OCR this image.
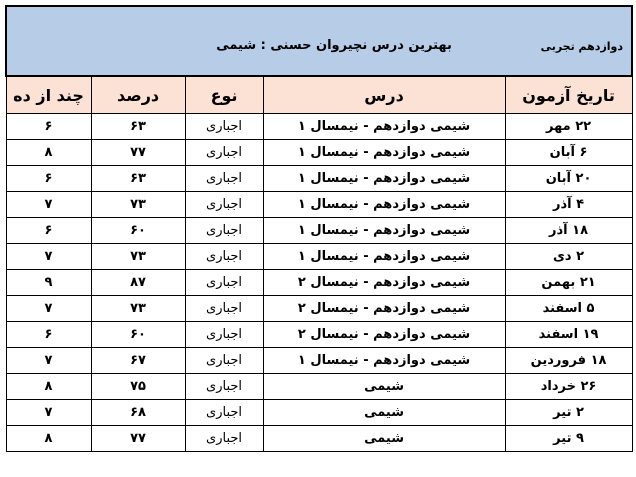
دوازدهم تجربی
بهترین درس نچیروان حسنی : شیمی				

تاریخ آزمون	درس	نوع	درصد	چند از ده
۲۲ مهر	شیمی دوازدهم - نیمسال ۱	اجباری	۶۳	۶
۶ آبان	شیمی دوازدهم - نیمسال ۱	اجباری	۷۷	۸
۲۰ آبان	شیمی دوازدهم - نیمسال ۱	اجباری	۶۳	۶
۴ آذر	شیمی دوازدهم - نیمسال ۱	اجباری	۷۳	۷
۱۸ آذر	شیمی دوازدهم - نیمسال ۱	اجباری	۶۰	۶
۲ دی	شیمی دوازدهم - نیمسال ۱	اجباری	۷۳	۷
۲۱ بهمن	شیمی دوازدهم - نیمسال ۲	اجباری	۸۷	۹
۵ اسفند	شیمی دوازدهم - نیمسال ۲	اجباری	۷۳	۷
۱۹ اسفند	شیمی دوازدهم - نیمسال ۲	اجباری	۶۰	۶
۱۸ فروردین	شیمی دوازدهم - نیمسال ۱	اجباری	۶۷	۷
۲۶ خرداد	شیمی	اجباری	۷۵	۸
۲ تیر	شیمی	اجباری	۶۸	۷
۹ تیر	شیمی	اجباری	۷۷	۸
